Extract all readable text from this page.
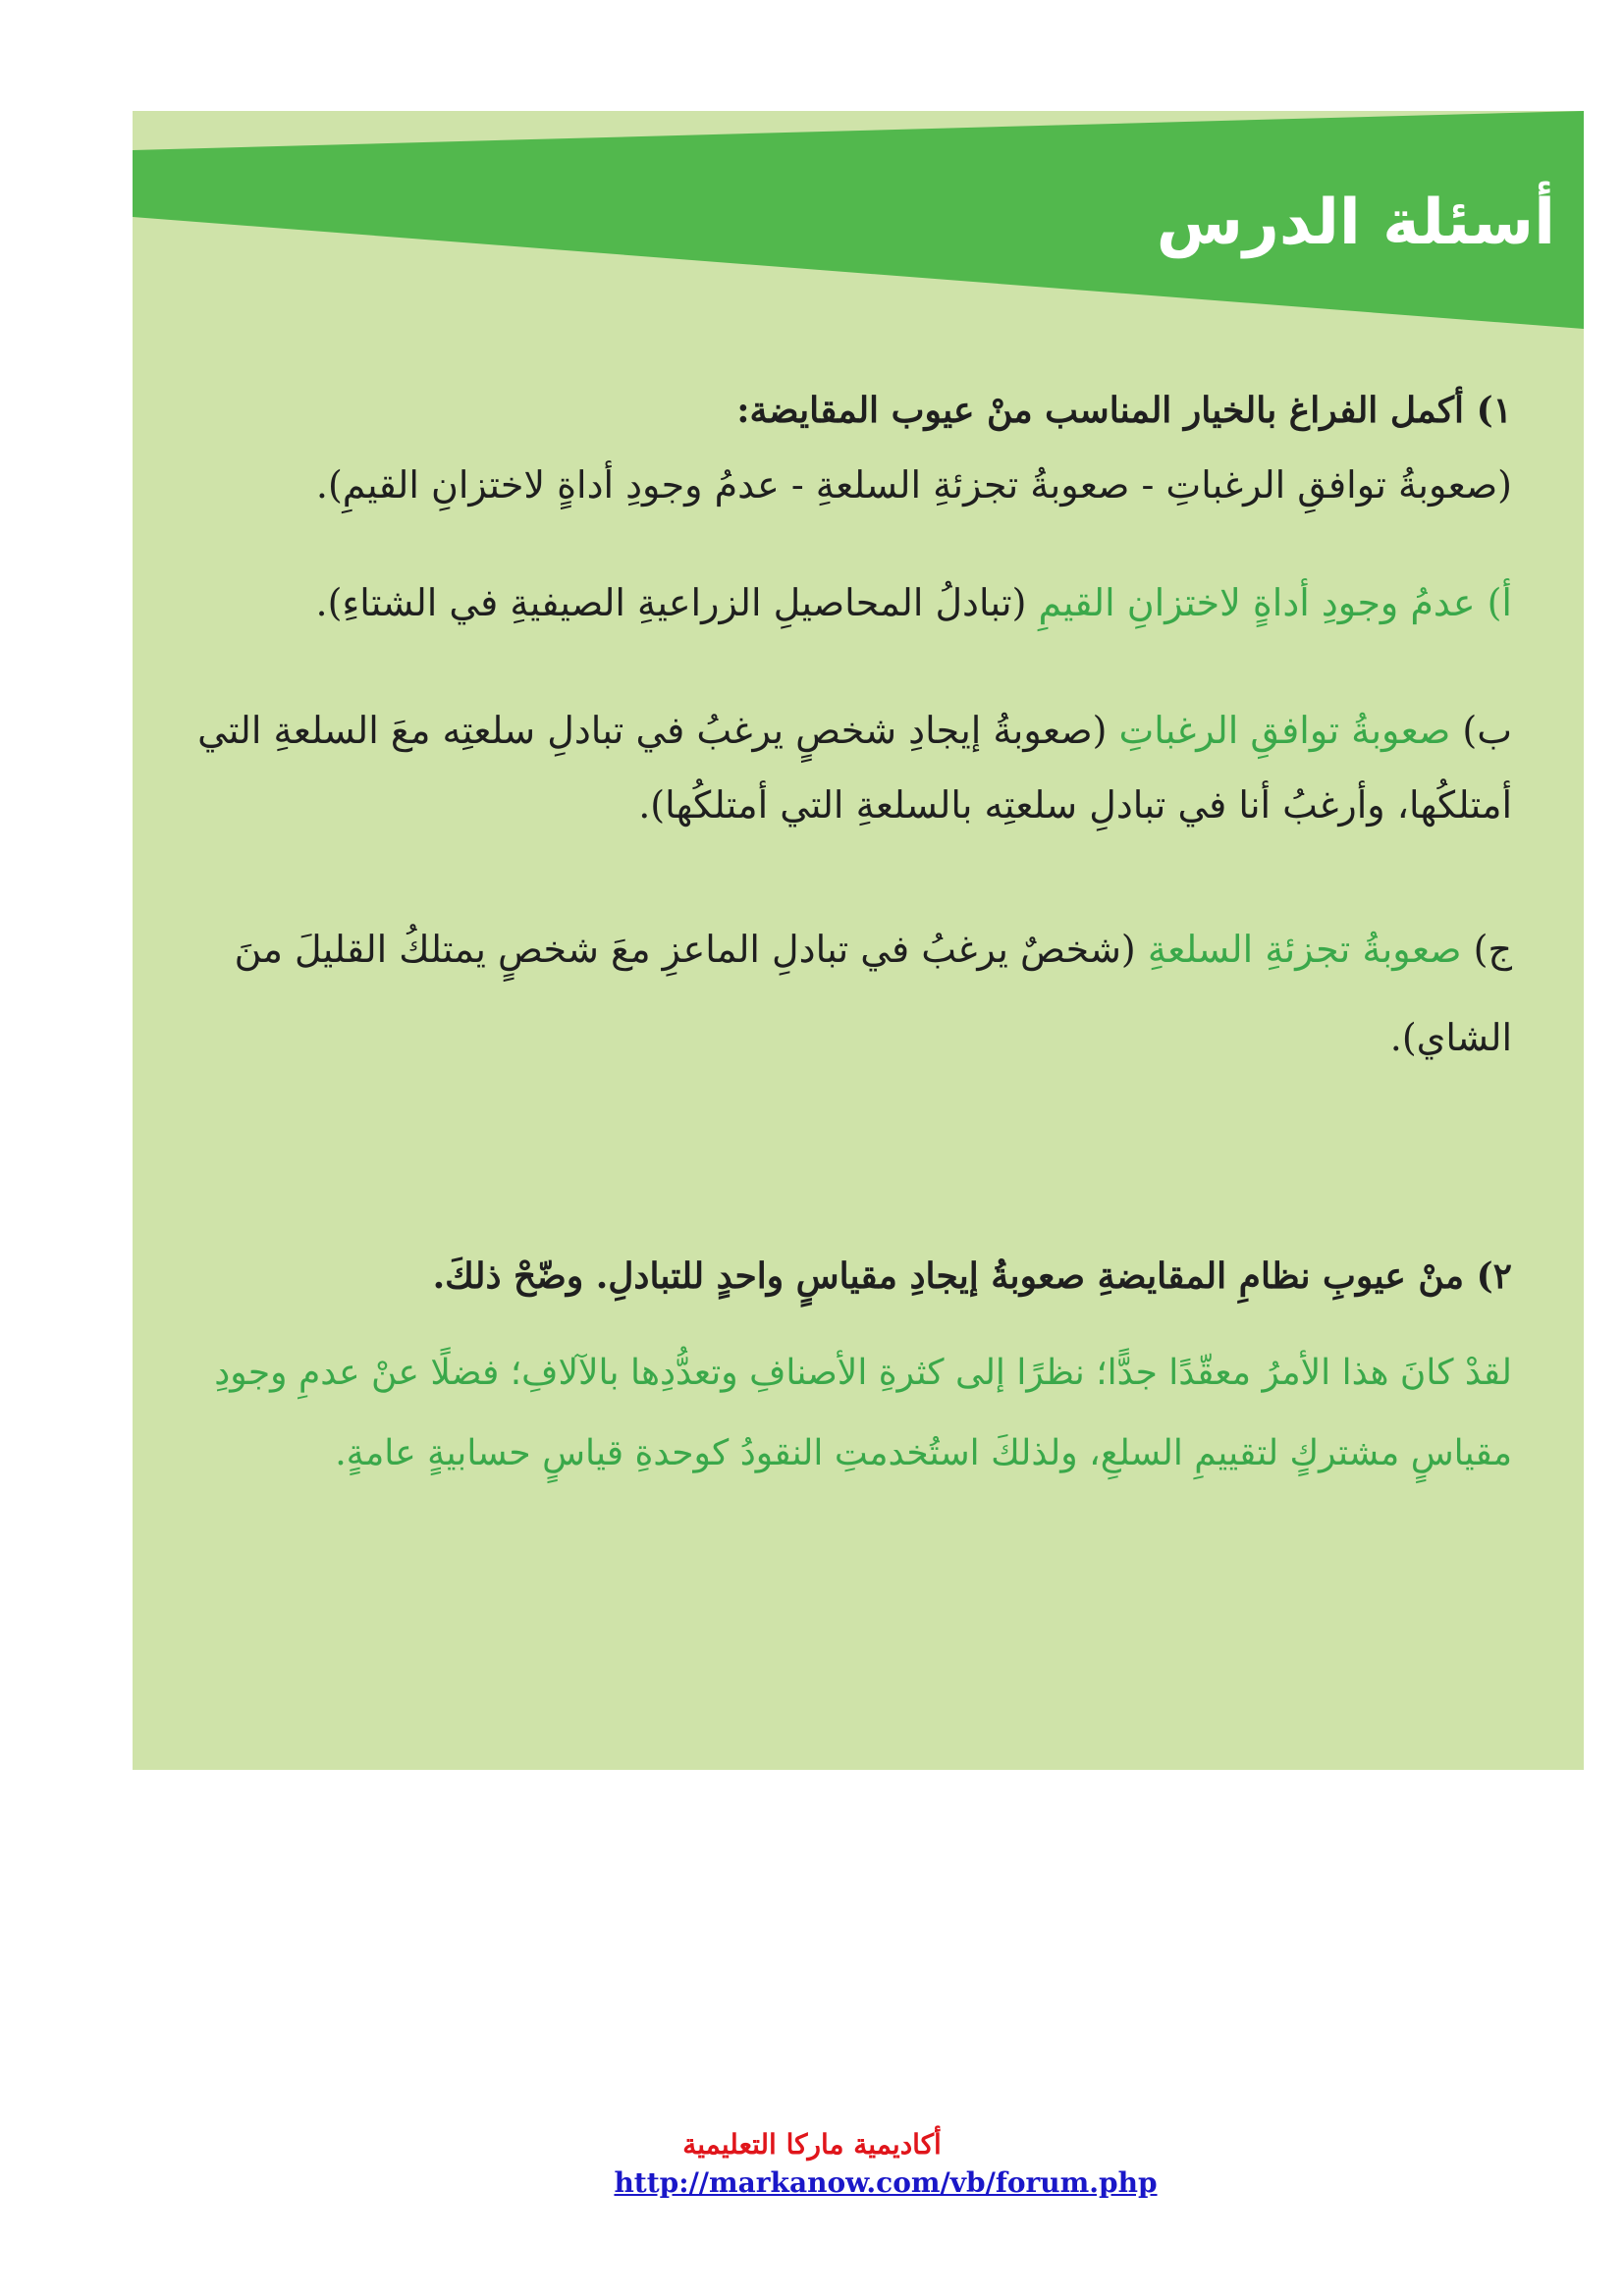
أسئلة الدرس

١) أكمل الفراغ بالخيار المناسب منْ عيوب المقايضة:

(صعوبةُ توافقِ الرغباتِ - صعوبةُ تجزئةِ السلعةِ - عدمُ وجودِ أداةٍ لاختزانِ القيمِ).

أ) عدمُ وجودِ أداةٍ لاختزانِ القيمِ (تبادلُ المحاصيلِ الزراعيةِ الصيفيةِ في الشتاءِ).

ب) صعوبةُ توافقِ الرغباتِ (صعوبةُ إيجادِ شخصٍ يرغبُ في تبادلِ سلعتِه معَ السلعةِ التي أمتلكُها، وأرغبُ أنا في تبادلِ سلعتِه بالسلعةِ التي أمتلكُها).

ج) صعوبةُ تجزئةِ السلعةِ (شخصٌ يرغبُ في تبادلِ الماعزِ معَ شخصٍ يمتلكُ القليلَ منَ الشاي).

٢) منْ عيوبِ نظامِ المقايضةِ صعوبةُ إيجادِ مقياسٍ واحدٍ للتبادلِ. وضّحْ ذلكَ.

لقدْ كانَ هذا الأمرُ معقّدًا جدًّا؛ نظرًا إلى كثرةِ الأصنافِ وتعدُّدِها بالآلافِ؛ فضلًا عنْ عدمِ وجودِ مقياسٍ مشتركٍ لتقييمِ السلعِ، ولذلكَ استُخدمتِ النقودُ كوحدةِ قياسٍ حسابيةٍ عامةٍ.

أكاديمية ماركا التعليمية
http://markanow.com/vb/forum.php
